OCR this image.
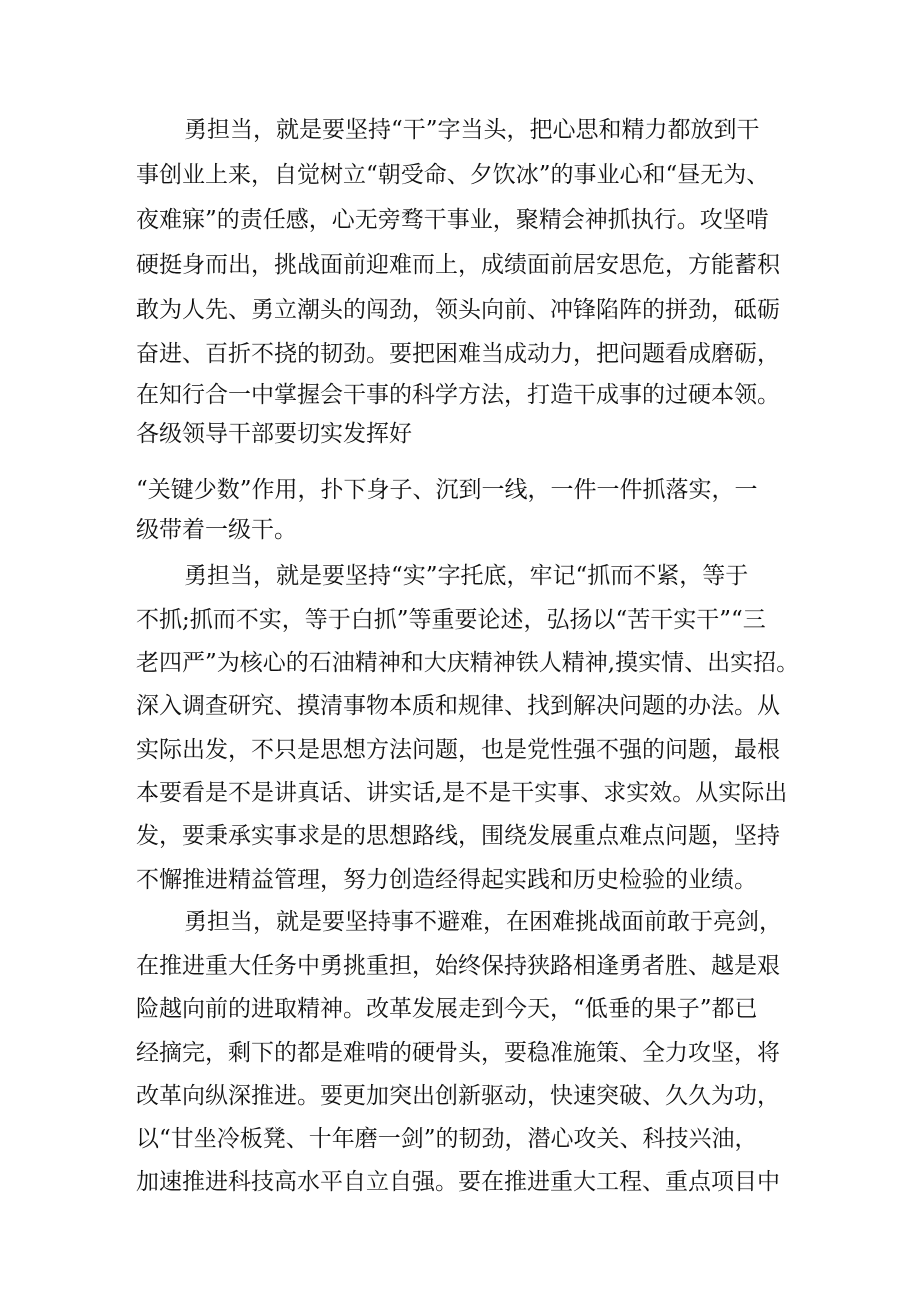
勇担当，就是要坚持“干”字当头，把心思和精力都放到干
事创业上来，自觉树立“朝受命、夕饮冰”的事业心和“昼无为、
夜难寐”的责任感，心无旁骛干事业，聚精会神抓执行。攻坚啃
硬挺身而出，挑战面前迎难而上，成绩面前居安思危，方能蓄积
敢为人先、勇立潮头的闯劲，领头向前、冲锋陷阵的拼劲，砥砺
奋进、百折不挠的韧劲。要把困难当成动力，把问题看成磨砺，
在知行合一中掌握会干事的科学方法，打造干成事的过硬本领。
各级领导干部要切实发挥好
“关键少数”作用，扑下身子、沉到一线，一件一件抓落实，一
级带着一级干。
勇担当，就是要坚持“实”字托底，牢记“抓而不紧，等于
不抓;抓而不实，等于白抓”等重要论述，弘扬以“苦干实干”“三
老四严”为核心的石油精神和大庆精神铁人精神,摸实情、出实招。
深入调查研究、摸清事物本质和规律、找到解决问题的办法。从
实际出发，不只是思想方法问题，也是党性强不强的问题，最根
本要看是不是讲真话、讲实话,是不是干实事、求实效。从实际出
发，要秉承实事求是的思想路线，围绕发展重点难点问题，坚持
不懈推进精益管理，努力创造经得起实践和历史检验的业绩。
勇担当，就是要坚持事不避难，在困难挑战面前敢于亮剑，
在推进重大任务中勇挑重担，始终保持狭路相逢勇者胜、越是艰
险越向前的进取精神。改革发展走到今天，“低垂的果子”都已
经摘完，剩下的都是难啃的硬骨头，要稳准施策、全力攻坚，将
改革向纵深推进。要更加突出创新驱动，快速突破、久久为功，
以“甘坐冷板凳、十年磨一剑”的韧劲，潜心攻关、科技兴油，
加速推进科技高水平自立自强。要在推进重大工程、重点项目中
